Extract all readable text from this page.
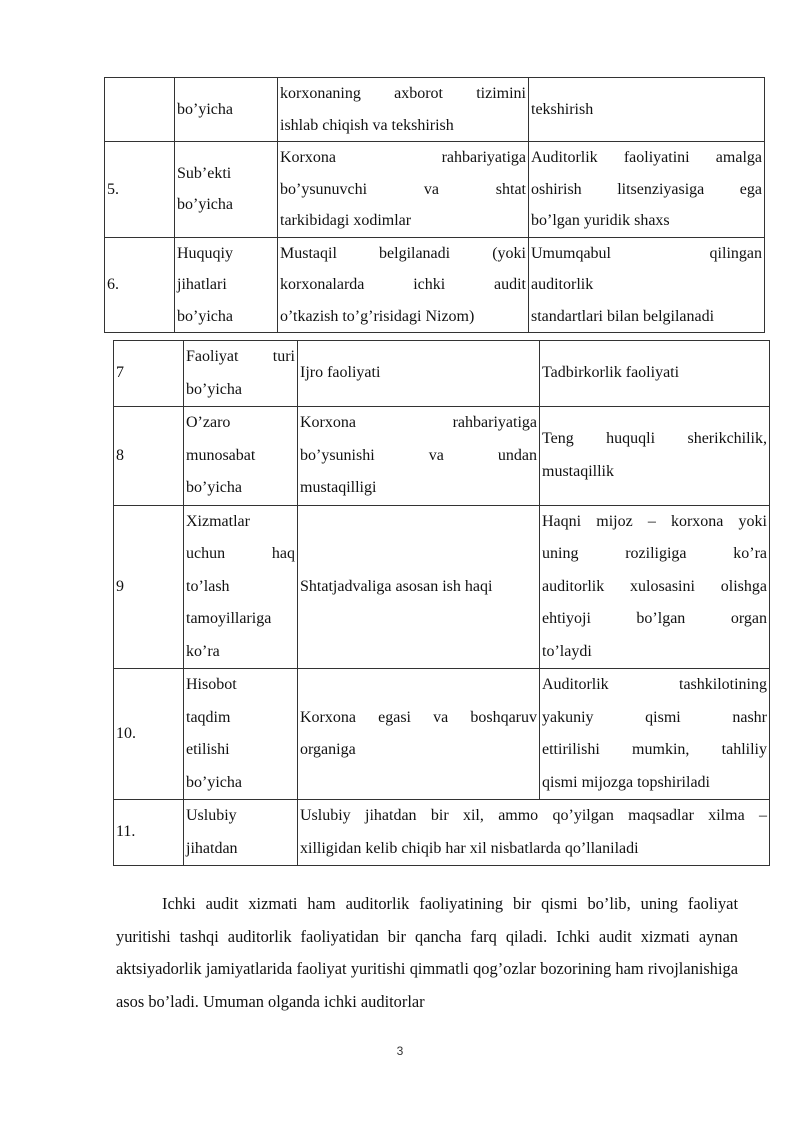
	bo’yicha	korxonaning axborot tizimini
ishlab chiqish va tekshirish	tekshirish

5.	Sub’ekti
bo’yicha	Korxona rahbariyatiga
bo’ysunuvchi va shtat
tarkibidagi xodimlar	Auditorlik faoliyatini amalga
oshirish litsenziyasiga ega
bo’lgan yuridik shaxs

6.	Huquqiy
jihatlari
bo’yicha	Mustaqil belgilanadi (yoki
korxonalarda ichki audit
o’tkazish to’g’risidagi Nizom)	Umumqabul qilingan
auditorlik
standartlari bilan belgilanadi
7	Faoliyat turi
bo’yicha	Ijro faoliyati	Tadbirkorlik faoliyati

8	O’zaro
munosabat
bo’yicha	Korxona rahbariyatiga
bo’ysunishi va undan
mustaqilligi	Teng huquqli sherikchilik,
mustaqillik

9	Xizmatlar
uchun haq
to’lash
tamoyillariga
ko’ra	Shtatjadvaliga asosan ish haqi	Haqni mijoz – korxona yoki
uning roziligiga ko’ra
auditorlik xulosasini olishga
ehtiyoji bo’lgan organ
to’laydi

10.	Hisobot
taqdim
etilishi
bo’yicha	Korxona egasi va boshqaruv
organiga	Auditorlik tashkilotining
yakuniy qismi nashr
ettirilishi mumkin, tahliliy
qismi mijozga topshiriladi

11.	Uslubiy
jihatdan	Uslubiy jihatdan bir xil, ammo qo’yilgan maqsadlar xilma –
xilligidan kelib chiqib har xil nisbatlarda qo’llaniladi	

Ichki audit xizmati ham auditorlik faoliyatining bir qismi bo’lib, uning faoliyat yuritishi tashqi auditorlik faoliyatidan bir qancha farq qiladi. Ichki audit xizmati aynan aktsiyadorlik jamiyatlarida faoliyat yuritishi qimmatli qog’ozlar bozorining ham rivojlanishiga asos bo’ladi. Umuman olganda ichki auditorlar

3
